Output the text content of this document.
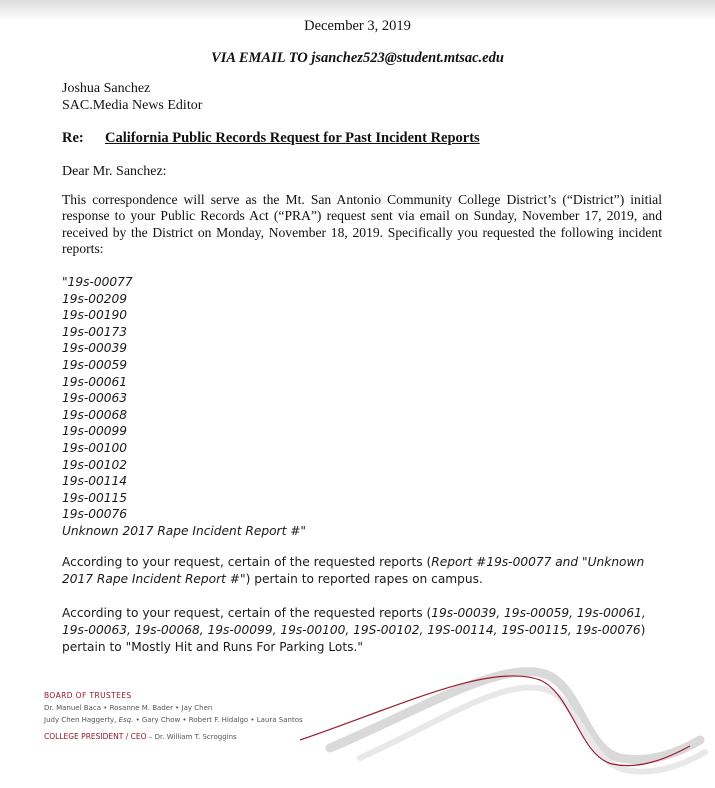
December 3, 2019
VIA EMAIL TO jsanchez523@student.mtsac.edu
Joshua Sanchez
SAC.Media News Editor
Re: California Public Records Request for Past Incident Reports
Dear Mr. Sanchez:
This correspondence will serve as the Mt. San Antonio Community College District’s (“District”) initial response to your Public Records Act (“PRA”) request sent via email on Sunday, November 17, 2019, and received by the District on Monday, November 18, 2019. Specifically you requested the following incident reports:
"19s-00077
19s-00209
19s-00190
19s-00173
19s-00039
19s-00059
19s-00061
19s-00063
19s-00068
19s-00099
19s-00100
19s-00102
19s-00114
19s-00115
19s-00076
Unknown 2017 Rape Incident Report #"
According to your request, certain of the requested reports (Report #19s-00077 and "Unknown 2017 Rape Incident Report #") pertain to reported rapes on campus.
According to your request, certain of the requested reports (19s-00039, 19s-00059, 19s-00061, 19s-00063, 19s-00068, 19s-00099, 19s-00100, 19S-00102, 19S-00114, 19S-00115, 19s-00076) pertain to "Mostly Hit and Runs For Parking Lots."
BOARD OF TRUSTEES
Dr. Manuel Baca • Rosanne M. Bader • Jay Chen
Judy Chen Haggerty, Esq. • Gary Chow • Robert F. Hidalgo • Laura Santos
COLLEGE PRESIDENT / CEO – Dr. William T. Scroggins
